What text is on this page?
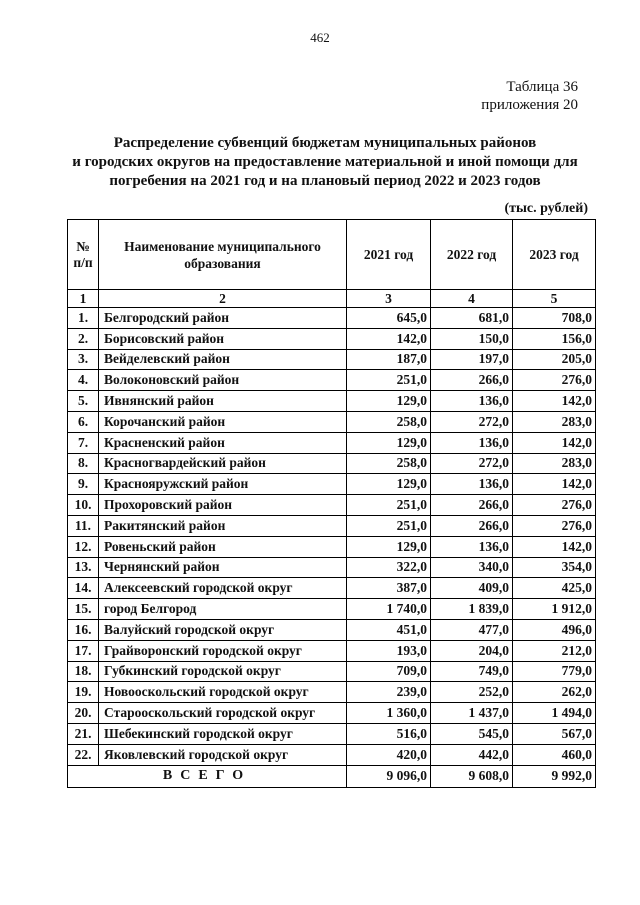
462
Таблица 36
приложения 20
Распределение субвенций бюджетам муниципальных районов
и городских округов на предоставление материальной и иной помощи для
погребения на 2021 год и на плановый период 2022 и 2023 годов
(тыс. рублей)
№ п/п	Наименование муниципального образования	2021 год	2022 год	2023 год
1	2	3	4	5
1.	Белгородский район	645,0	681,0	708,0
2.	Борисовский район	142,0	150,0	156,0
3.	Вейделевский район	187,0	197,0	205,0
4.	Волоконовский район	251,0	266,0	276,0
5.	Ивнянский район	129,0	136,0	142,0
6.	Корочанский район	258,0	272,0	283,0
7.	Красненский район	129,0	136,0	142,0
8.	Красногвардейский район	258,0	272,0	283,0
9.	Краснояружский район	129,0	136,0	142,0
10.	Прохоровский район	251,0	266,0	276,0
11.	Ракитянский район	251,0	266,0	276,0
12.	Ровеньский район	129,0	136,0	142,0
13.	Чернянский район	322,0	340,0	354,0
14.	Алексеевский городской округ	387,0	409,0	425,0
15.	город Белгород	1 740,0	1 839,0	1 912,0
16.	Валуйский городской округ	451,0	477,0	496,0
17.	Грайворонский городской округ	193,0	204,0	212,0
18.	Губкинский городской округ	709,0	749,0	779,0
19.	Новооскольский городской округ	239,0	252,0	262,0
20.	Старооскольский городской округ	1 360,0	1 437,0	1 494,0
21.	Шебекинский городской округ	516,0	545,0	567,0
22.	Яковлевский городской округ	420,0	442,0	460,0
ВСЕГО		9 096,0	9 608,0	9 992,0
